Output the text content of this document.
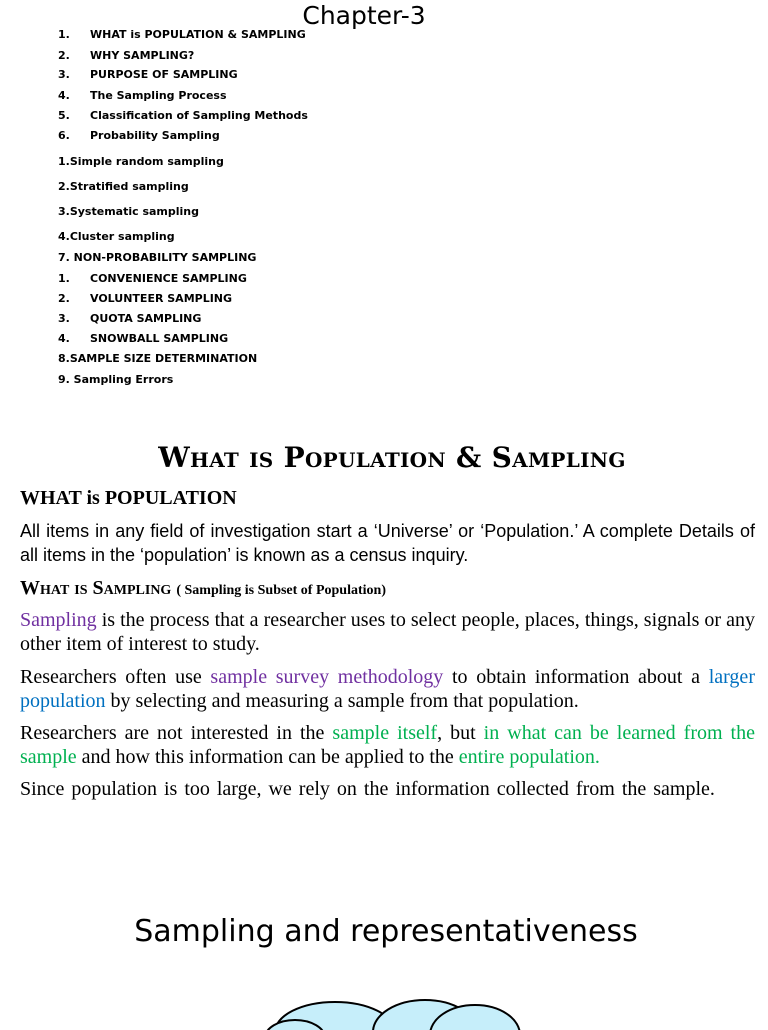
Chapter-3
1. WHAT is POPULATION & SAMPLING
2. WHY SAMPLING?
3. PURPOSE OF SAMPLING
4. The Sampling Process
5. Classification of Sampling Methods
6. Probability Sampling
1.Simple random sampling
2.Stratified sampling
3.Systematic sampling
4.Cluster sampling
7. NON-PROBABILITY SAMPLING
1. CONVENIENCE SAMPLING
2. VOLUNTEER SAMPLING
3. QUOTA SAMPLING
4. SNOWBALL SAMPLING
8.SAMPLE SIZE DETERMINATION
9. Sampling Errors
What is Population & Sampling
WHAT is POPULATION
All items in any field of investigation start a ‘Universe’ or ‘Population.’ A complete Details of all items in the ‘population’ is known as a census inquiry.
What is Sampling ( Sampling is Subset of Population)
Sampling is the process that a researcher uses to select people, places, things, signals or any other item of interest to study.
Researchers often use sample survey methodology to obtain information about a larger population by selecting and measuring a sample from that population.
Researchers are not interested in the sample itself, but in what can be learned from the sample and how this information can be applied to the entire population.
Since population is too large, we rely on the information collected from the sample.
Sampling and representativeness
